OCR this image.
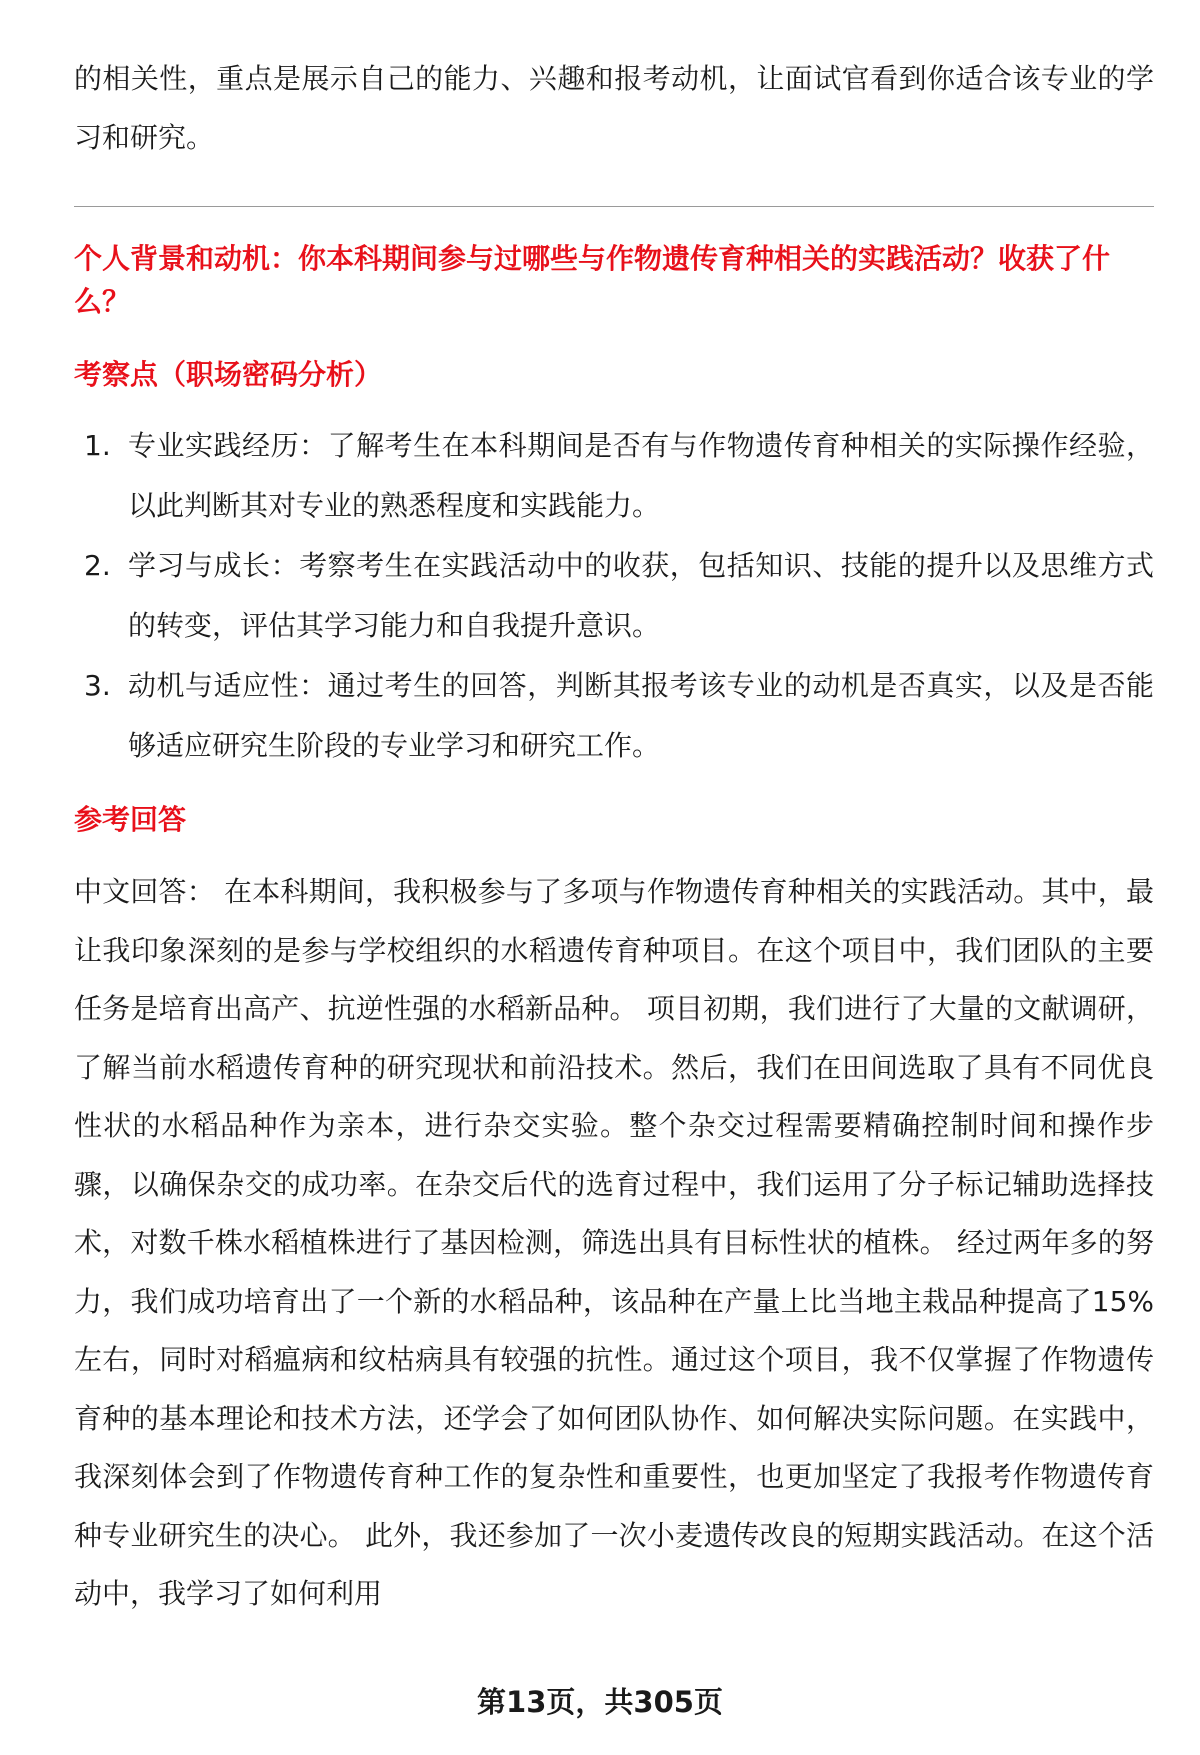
的相关性，重点是展示自己的能力、兴趣和报考动机，让面试官看到你适合该专业的学习和研究。

个人背景和动机：你本科期间参与过哪些与作物遗传育种相关的实践活动？收获了什么？

考察点（职场密码分析）

1. 专业实践经历：了解考生在本科期间是否有与作物遗传育种相关的实际操作经验，以此判断其对专业的熟悉程度和实践能力。
2. 学习与成长：考察考生在实践活动中的收获，包括知识、技能的提升以及思维方式的转变，评估其学习能力和自我提升意识。
3. 动机与适应性：通过考生的回答，判断其报考该专业的动机是否真实，以及是否能够适应研究生阶段的专业学习和研究工作。

参考回答

中文回答： 在本科期间，我积极参与了多项与作物遗传育种相关的实践活动。其中，最让我印象深刻的是参与学校组织的水稻遗传育种项目。在这个项目中，我们团队的主要任务是培育出高产、抗逆性强的水稻新品种。 项目初期，我们进行了大量的文献调研，了解当前水稻遗传育种的研究现状和前沿技术。然后，我们在田间选取了具有不同优良性状的水稻品种作为亲本，进行杂交实验。整个杂交过程需要精确控制时间和操作步骤，以确保杂交的成功率。在杂交后代的选育过程中，我们运用了分子标记辅助选择技术，对数千株水稻植株进行了基因检测，筛选出具有目标性状的植株。 经过两年多的努力，我们成功培育出了一个新的水稻品种，该品种在产量上比当地主栽品种提高了15%左右，同时对稻瘟病和纹枯病具有较强的抗性。通过这个项目，我不仅掌握了作物遗传育种的基本理论和技术方法，还学会了如何团队协作、如何解决实际问题。在实践中，我深刻体会到了作物遗传育种工作的复杂性和重要性，也更加坚定了我报考作物遗传育种专业研究生的决心。 此外，我还参加了一次小麦遗传改良的短期实践活动。在这个活动中，我学习了如何利用

第13页，共305页
